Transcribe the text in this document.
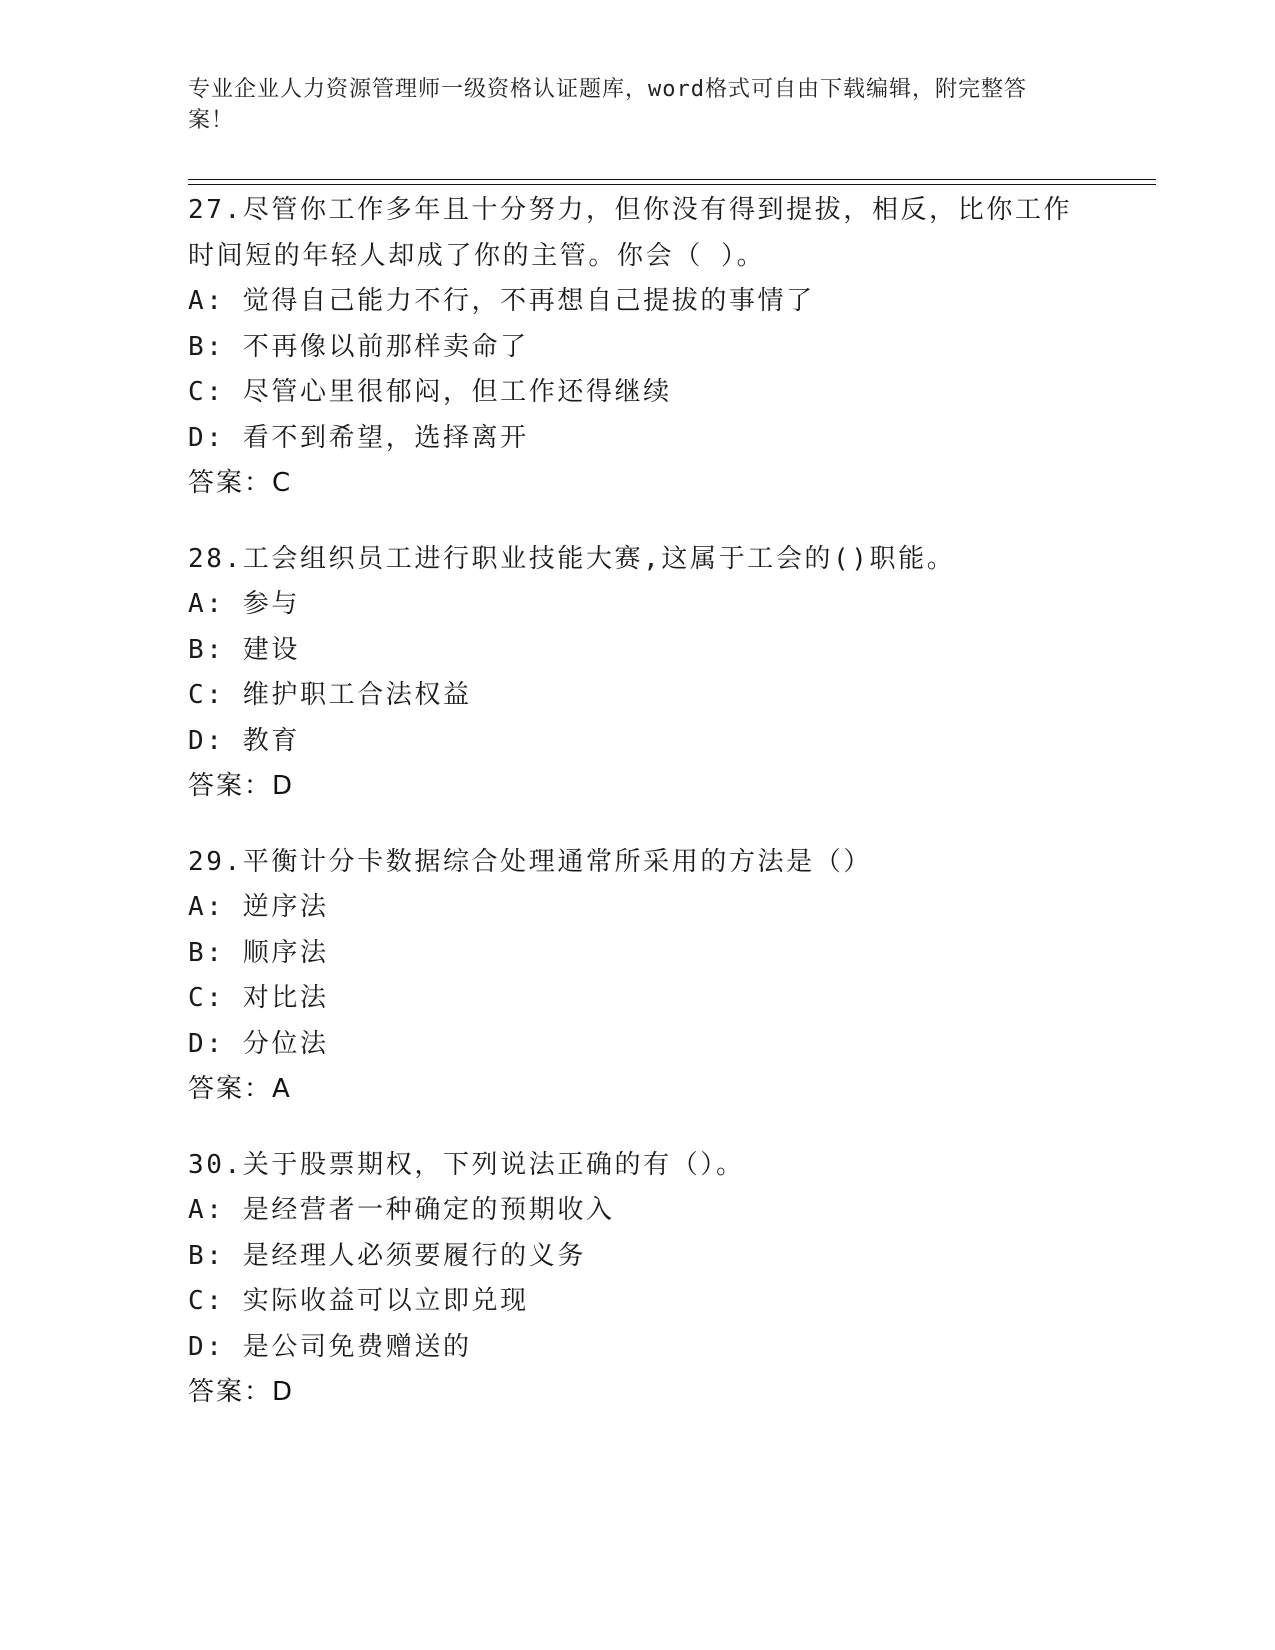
专业企业人力资源管理师一级资格认证题库，word格式可自由下载编辑，附完整答案！
27.尽管你工作多年且十分努力，但你没有得到提拔，相反，比你工作时间短的年轻人却成了你的主管。你会（ ）。
A: 觉得自己能力不行，不再想自己提拔的事情了
B: 不再像以前那样卖命了
C: 尽管心里很郁闷，但工作还得继续
D: 看不到希望，选择离开
答案：C
28.工会组织员工进行职业技能大赛,这属于工会的()职能。
A: 参与
B: 建设
C: 维护职工合法权益
D: 教育
答案：D
29.平衡计分卡数据综合处理通常所采用的方法是（）
A: 逆序法
B: 顺序法
C: 对比法
D: 分位法
答案：A
30.关于股票期权，下列说法正确的有（）。
A: 是经营者一种确定的预期收入
B: 是经理人必须要履行的义务
C: 实际收益可以立即兑现
D: 是公司免费赠送的
答案：D
